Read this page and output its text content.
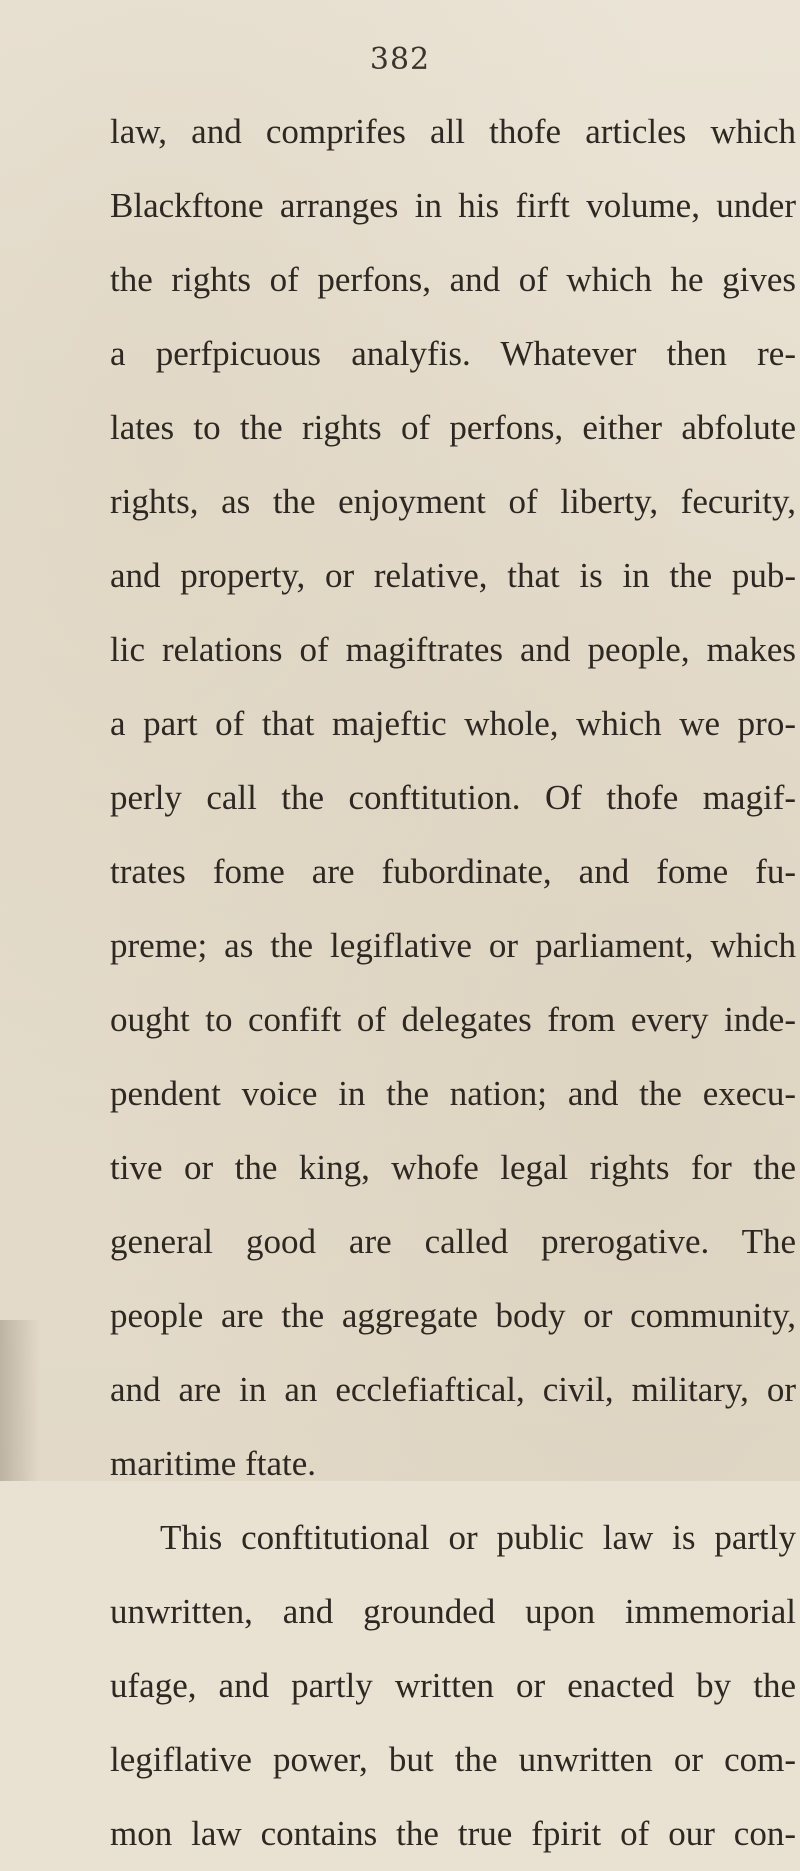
382
law, and comprifes all thofe articles which
Blackftone arranges in his firft volume, under
the rights of perfons, and of which he gives
a perfpicuous analyfis. Whatever then re-
lates to the rights of perfons, either abfolute
rights, as the enjoyment of liberty, fecurity,
and property, or relative, that is in the pub-
lic relations of magiftrates and people, makes
a part of that majeftic whole, which we pro-
perly call the conftitution. Of thofe magif-
trates fome are fubordinate, and fome fu-
preme; as the legiflative or parliament, which
ought to confift of delegates from every inde-
pendent voice in the nation; and the execu-
tive or the king, whofe legal rights for the
general good are called prerogative. The
people are the aggregate body or community,
and are in an ecclefiaftical, civil, military, or
maritime ftate.
This conftitutional or public law is partly
unwritten, and grounded upon immemorial
ufage, and partly written or enacted by the
legiflative power, but the unwritten or com-
mon law contains the true fpirit of our con-
